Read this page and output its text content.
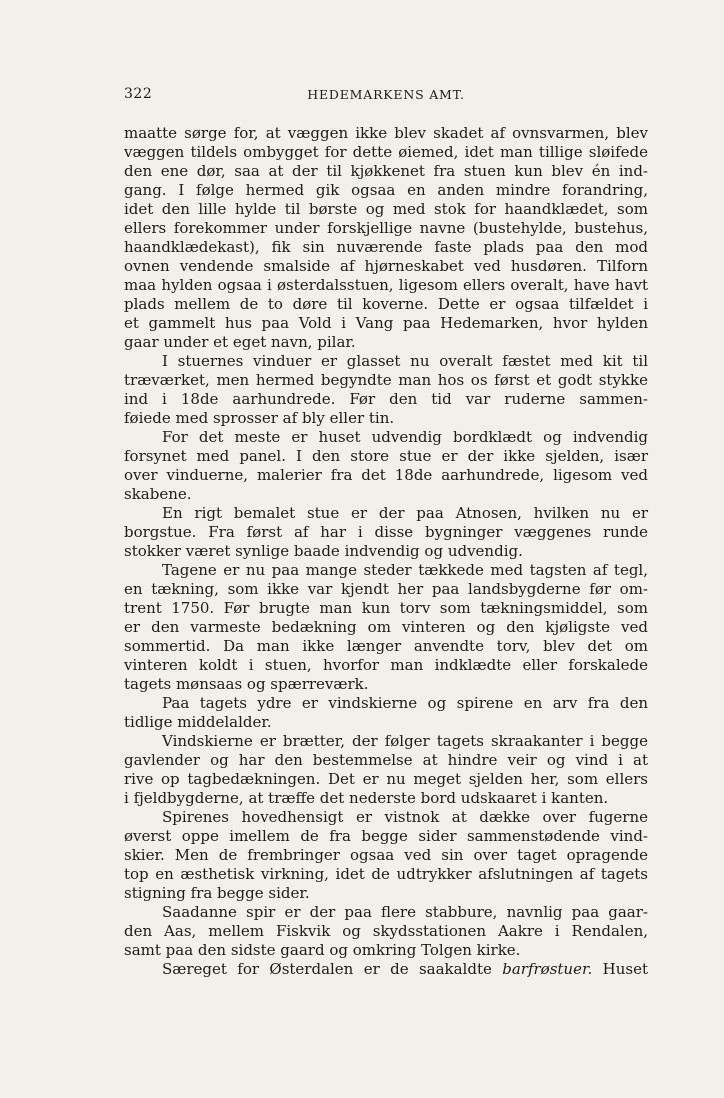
322	HEDEMARKENS AMT.
maatte sørge for, at væggen ikke blev skadet af ovnsvarmen, blev
væggen tildels ombygget for dette øiemed, idet man tillige sløifede
den ene dør, saa at der til kjøkkenet fra stuen kun blev én ind-
gang. I følge hermed gik ogsaa en anden mindre forandring,
idet den lille hylde til børste og med stok for haandklædet, som
ellers forekommer under forskjellige navne (bustehylde, bustehus,
haandklædekast), fik sin nuværende faste plads paa den mod
ovnen vendende smalside af hjørneskabet ved husdøren. Tilforn
maa hylden ogsaa i østerdalsstuen, ligesom ellers overalt, have havt
plads mellem de to døre til koverne. Dette er ogsaa tilfældet i
et gammelt hus paa Vold i Vang paa Hedemarken, hvor hylden
gaar under et eget navn, pilar.
I stuernes vinduer er glasset nu overalt fæstet med kit til
træværket, men hermed begyndte man hos os først et godt stykke
ind i 18de aarhundrede. Før den tid var ruderne sammen-
føiede med sprosser af bly eller tin.
For det meste er huset udvendig bordklædt og indvendig
forsynet med panel. I den store stue er der ikke sjelden, især
over vinduerne, malerier fra det 18de aarhundrede, ligesom ved
skabene.
En rigt bemalet stue er der paa Atnosen, hvilken nu er
borgstue. Fra først af har i disse bygninger væggenes runde
stokker været synlige baade indvendig og udvendig.
Tagene er nu paa mange steder tækkede med tagsten af tegl,
en tækning, som ikke var kjendt her paa landsbygderne før om-
trent 1750. Før brugte man kun torv som tækningsmiddel, som
er den varmeste bedækning om vinteren og den kjøligste ved
sommertid. Da man ikke længer anvendte torv, blev det om
vinteren koldt i stuen, hvorfor man indklædte eller forskalede
tagets mønsaas og spærreværk.
Paa tagets ydre er vindskierne og spirene en arv fra den
tidlige middelalder.
Vindskierne er brætter, der følger tagets skraakanter i begge
gavlender og har den bestemmelse at hindre veir og vind i at
rive op tagbedækningen. Det er nu meget sjelden her, som ellers
i fjeldbygderne, at træffe det nederste bord udskaaret i kanten.
Spirenes hovedhensigt er vistnok at dække over fugerne
øverst oppe imellem de fra begge sider sammenstødende vind-
skier. Men de frembringer ogsaa ved sin over taget opragende
top en æsthetisk virkning, idet de udtrykker afslutningen af tagets
stigning fra begge sider.
Saadanne spir er der paa flere stabbure, navnlig paa gaar-
den Aas, mellem Fiskvik og skydsstationen Aakre i Rendalen,
samt paa den sidste gaard og omkring Tolgen kirke.
Særeget for Østerdalen er de saakaldte barfrøstuer. Huset
